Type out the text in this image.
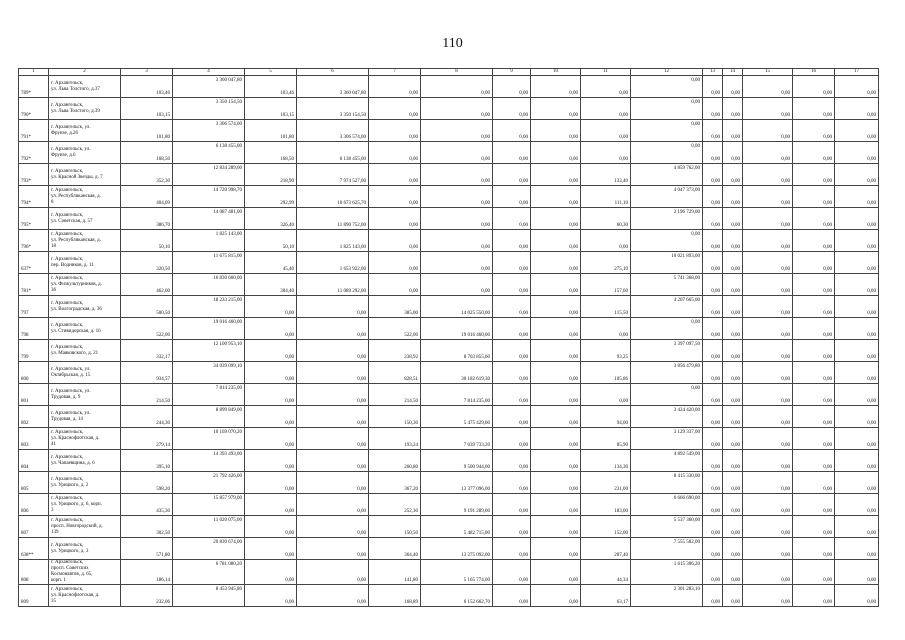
110
1	2	3	4	5	6	7	8	9	10	11	12	13	14	15	16	17
789*	г. Архангельск,
ул. Льва Толстого, д.37	103,46	3 360 047,80	103,46	3 360 047,80	0,00	0,00	0,00	0,00	0,00	0,00	0,00	0,00	0,00	0,00	0,00
790*	г. Архангельск,
ул. Льва Толстого, д.39	103,15	3 350 154,50	103,15	3 350 154,50	0,00	0,00	0,00	0,00	0,00	0,00	0,00	0,00	0,00	0,00	0,00
791*	г. Архангельск, ул.
Фрунзе, д.26	101,80	3 306 574,00	101,80	3 306 574,00	0,00	0,00	0,00	0,00	0,00	0,00	0,00	0,00	0,00	0,00	0,00
792*	г. Архангельск, ул.
Фрунзе, д.6	168,50	6 138 455,00	168,50	6 138 455,00	0,00	0,00	0,00	0,00	0,00	0,00	0,00	0,00	0,00	0,00	0,00
793*	г. Архангельск,
ул. Красной Звезды, д. 7	352,30	12 834 289,00	218,90	7 974 527,00	0,00	0,00	0,00	0,00	133,40	4 859 762,00	0,00	0,00	0,00	0,00	0,00
794*	г. Архангельск,
ул. Республиканская, д.
8	404,09	14 720 998,70	292,99	10 673 625,70	0,00	0,00	0,00	0,00	111,10	4 047 373,00	0,00	0,00	0,00	0,00	0,00
795*	г. Архангельск,
ул. Советская, д. 57	386,70	14 087 481,00	326,40	11 890 752,00	0,00	0,00	0,00	0,00	60,30	2 196 729,00	0,00	0,00	0,00	0,00	0,00
796*	г. Архангельск,
ул. Республиканская, д.
18	50,10	1 825 143,00	50,10	1 825 143,00	0,00	0,00	0,00	0,00	0,00	0,00	0,00	0,00	0,00	0,00	0,00
637*	г. Архангельск,
пер. Водников, д. 11	320,50	11 675 815,00	45,40	1 653 922,00	0,00	0,00	0,00	0,00	275,10	10 021 893,00	0,00	0,00	0,00	0,00	0,00
781*	г. Архангельск,
ул. Физкультурников, д.
36	462,00	16 830 660,00	304,40	11 089 292,00	0,00	0,00	0,00	0,00	157,60	5 741 368,00	0,00	0,00	0,00	0,00	0,00
797	г. Архангельск,
ул. Волгоградская, д. 36	500,50	18 233 215,00	0,00	0,00	385,00	14 025 550,00	0,00	0,00	115,50	4 207 665,00	0,00	0,00	0,00	0,00	0,00
798	г. Архангельск,
ул. Стивидорская, д. 16	522,00	19 016 460,00	0,00	0,00	522,00	19 016 460,00	0,00	0,00	0,00	0,00	0,00	0,00	0,00	0,00	0,00
799	г. Архангельск,
ул. Маяковского, д. 21	332,17	12 100 953,10	0,00	0,00	238,92	8 703 855,60	0,00	0,00	93,25	3 397 097,50	0,00	0,00	0,00	0,00	0,00
800	г. Архангельск, ул.
Октябрьская, д. 15	934,57	34 039 099,10	0,00	0,00	828,51	30 182 619,30	0,00	0,00	105,86	3 856 479,80	0,00	0,00	0,00	0,00	0,00
801	г. Архангельск, ул.
Трудовая, д. 9	214,50	7 814 235,00	0,00	0,00	214,50	7 814 235,00	0,00	0,00	0,00	0,00	0,00	0,00	0,00	0,00	0,00
802	г. Архангельск, ул.
Трудовая, д. 14	244,30	8 899 849,00	0,00	0,00	150,30	5 475 429,00	0,00	0,00	94,00	3 424 420,00	0,00	0,00	0,00	0,00	0,00
803	г. Архангельск,
ул. Краснофлотская, д.
41	279,14	10 169 070,20	0,00	0,00	193,24	7 039 733,20	0,00	0,00	85,90	3 129 337,00	0,00	0,00	0,00	0,00	0,00
804	г. Архангельск,
ул. Чапаевщина, д. 6	395,10	14 393 493,00	0,00	0,00	260,80	9 500 944,00	0,00	0,00	134,30	4 892 549,00	0,00	0,00	0,00	0,00	0,00
805	г. Архангельск,
ул. Урицкого, д. 2	598,20	21 792 426,00	0,00	0,00	367,20	13 377 096,00	0,00	0,00	231,00	8 415 330,00	0,00	0,00	0,00	0,00	0,00
806	г. Архангельск,
ул. Урицкого, д. 6, корп.
3	435,30	15 857 979,00	0,00	0,00	252,30	9 191 289,00	0,00	0,00	183,00	6 666 690,00	0,00	0,00	0,00	0,00	0,00
807	г. Архангельск,
просп. Новгородский, д.
139	302,50	11 020 075,00	0,00	0,00	150,50	5 482 715,00	0,00	0,00	152,00	5 537 360,00	0,00	0,00	0,00	0,00	0,00
638**	г. Архангельск,
ул. Урицкого, д. 3	571,80	20 830 674,00	0,00	0,00	364,40	13 275 092,00	0,00	0,00	207,40	7 555 582,00	0,00	0,00	0,00	0,00	0,00
808	г. Архангельск,
просп. Советских
Космонавтов, д. 65,
корп. 1	186,14	6 781 080,20	0,00	0,00	141,80	5 165 774,00	0,00	0,00	44,34	1 615 306,20	0,00	0,00	0,00	0,00	0,00
809	г. Архангельск,
ул. Краснофлотская, д.
35	232,06	8 453 945,80	0,00	0,00	168,89	6 152 662,70	0,00	0,00	63,17	2 301 283,10	0,00	0,00	0,00	0,00	0,00
